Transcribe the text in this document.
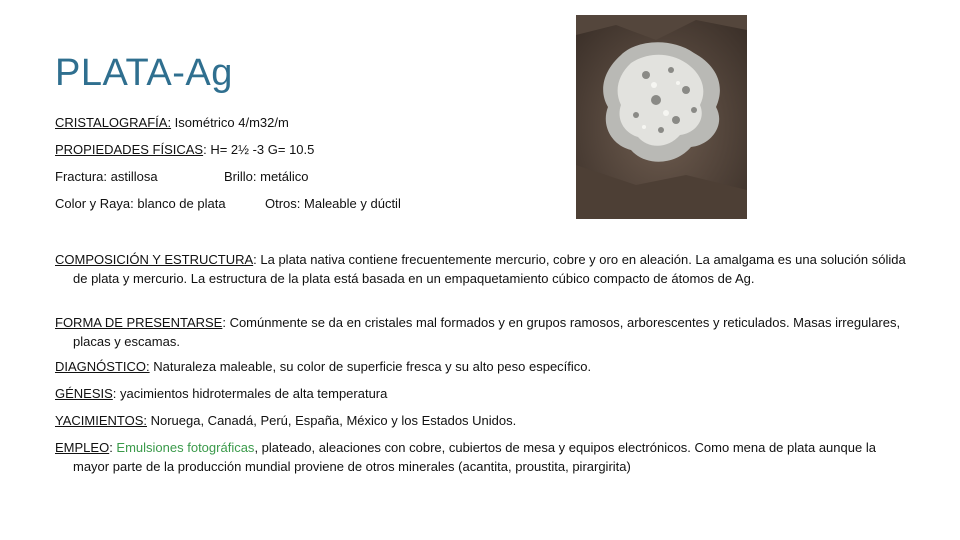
PLATA-Ag
CRISTALOGRAFÍA: Isométrico 4/m32/m
PROPIEDADES FÍSICAS: H= 2½ -3 G= 10.5
Fractura: astillosa	Brillo: metálico
Color y Raya: blanco de plata	Otros: Maleable y dúctil
COMPOSICIÓN Y ESTRUCTURA: La plata nativa contiene frecuentemente mercurio, cobre y oro en aleación. La amalgama es una solución sólida de plata y mercurio. La estructura de la plata está basada en un empaquetamiento cúbico compacto de átomos de Ag.
FORMA DE PRESENTARSE: Comúnmente se da en cristales mal formados y en grupos ramosos, arborescentes y reticulados. Masas irregulares, placas y escamas.
DIAGNÓSTICO: Naturaleza maleable, su color de superficie fresca y su alto peso específico.
GÉNESIS: yacimientos hidrotermales de alta temperatura
YACIMIENTOS: Noruega, Canadá, Perú, España, México y los Estados Unidos.
EMPLEO: Emulsiones fotográficas, plateado, aleaciones con cobre, cubiertos de mesa y equipos electrónicos. Como mena de plata aunque la mayor parte de la producción mundial proviene de otros minerales (acantita, proustita, pirargirita)
